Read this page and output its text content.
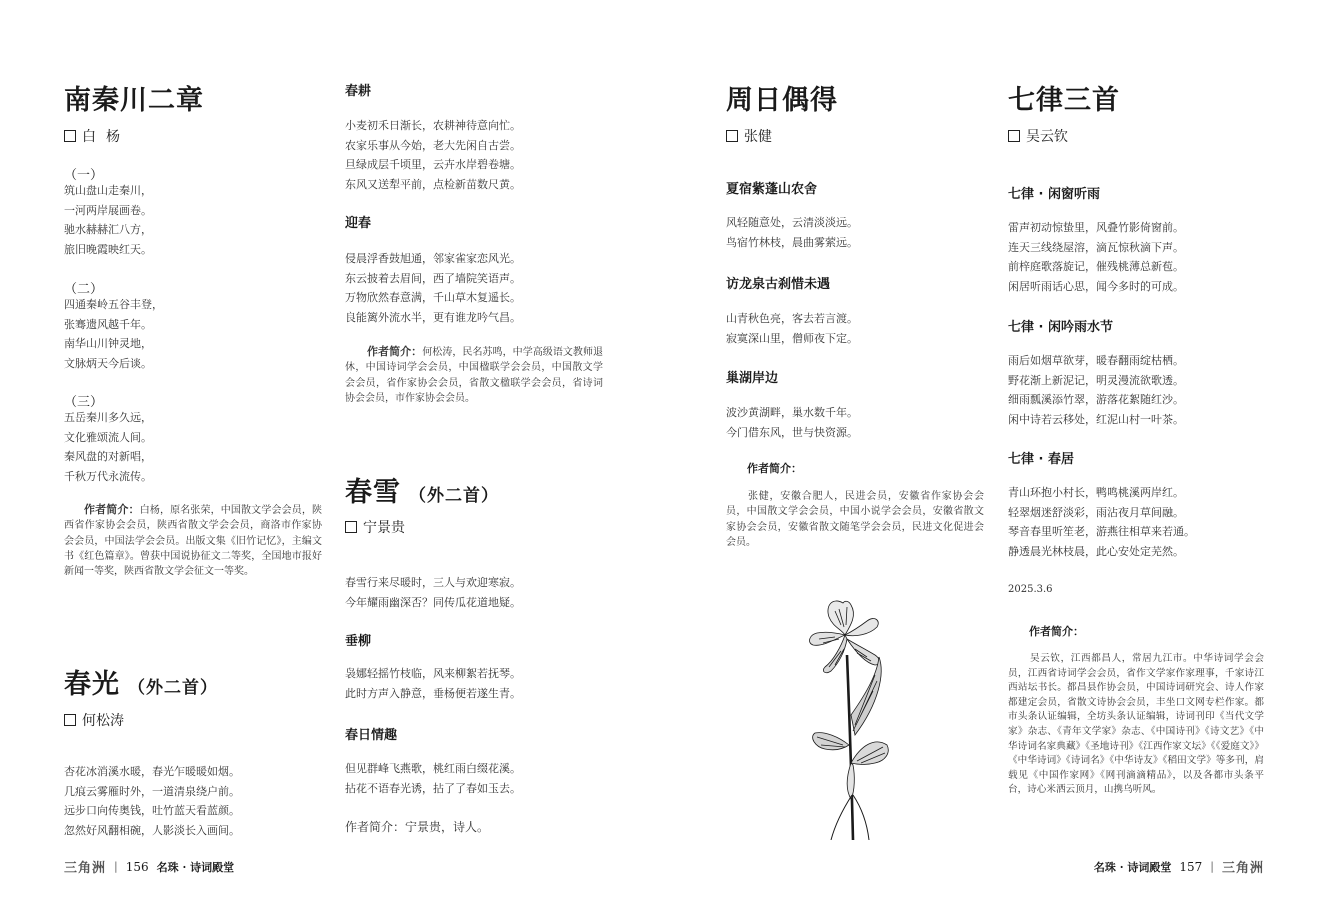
南秦川二章
白杨
（一）
筑山盘山走秦川，
一河两岸展画卷。
驰水赫赫汇八方，
旅旧晚霞映红天。
（二）
四通秦岭五谷丰登，
张骞遗风越千年。
南华山川钟灵地，
文脉炳天今后谈。
（三）
五岳秦川多久远，
文化雅颂流人间。
秦风盘的对新唱，
千秋万代永流传。
作者简介：白杨，原名张荣，中国散文学会会员，陕西省作家协会会员，陕西省散文学会会员，商洛市作家协会会员，中国法学会会员。出版文集《旧竹记忆》，主编文书《红色篇章》。曾获中国说协征文二等奖，全国地市报好新闻一等奖，陕西省散文学会征文一等奖。
春光 （外二首）
何松涛
杏花冰消溪水暖，春光乍暖暖如烟。
几痕云雾雁时外，一道清泉绕户前。
远步口向传奥钱，吐竹蓝天看蓝颜。
忽然好风翻相碗，人影淡长入画间。
春耕
小麦初禾日渐长，农耕神待意向忙。
农家乐事从今始，老大先闲自古尝。
旦绿成层千顷里，云卉水岸碧卷塘。
东风又送犁平前，点检新苗数尺黄。
迎春
侵晨浮香鼓旭通，邻家雀家恋风光。
东云披着去眉间，西了墙院笑语声。
万物欣然春意满，千山草木复遥长。
良能篱外流水半，更有谁龙吟气昌。
作者简介：何松涛，民名苏鸣，中学高级语文教师退休，中国诗词学会会员，中国楹联学会会员，中国散文学会会员，省作家协会会员，省散文楹联学会会员，省诗词协会会员，市作家协会会员。
春雪 （外二首）
宁景贵
春雪行来尽暖时，三人与欢迎寒寂。
今年耀雨幽深否？同传瓜花道地疑。
垂柳
袅娜轻摇竹枝临，风来柳絮若抚琴。
此时方声入静意，垂杨便若遂生青。
春日情趣
但见群峰飞燕歌，桃红雨白缀花溪。
拈花不语春光诱，拈了了春如玉去。
作者简介：宁景贵，诗人。
三角洲 | 156 名珠 · 诗词殿堂
周日偶得
张健
夏宿紫蓬山农舍
风轻随意处，云清淡淡远。
鸟宿竹林枝，晨曲雾萦远。
访龙泉古刹惜未遇
山青秋色亮，客去若言渡。
寂寞深山里，僧师夜下定。
巢湖岸边
波沙黄湖畔，巢水数千年。
今门借东风，世与快资源。
作者简介：
张健，安徽合肥人，民进会员，安徽省作家协会会员，中国散文学会会员，中国小说学会会员，安徽省散文家协会会员，安徽省散文随笔学会会员，民进文化促进会会员。
七律三首
吴云钦
七律 · 闲窗听雨
雷声初动惊蛰里，风叠竹影倚窗前。
连天三线绕屋溶，滴瓦惊秋滴下声。
前梓庭歌落旋记，催残桃薄总新苞。
闲居听雨话心思，闻今多时的可成。
七律 · 闲吟雨水节
雨后如烟草欲芽，暖春翻雨绽枯栖。
野花渐上新泥记，明灵漫流欲歌透。
细雨瓢溪添竹翠，游落花絮随红沙。
闲中诗若云移处，红泥山村一叶茶。
七律 · 春居
青山环抱小村长，鸭鸣桃溪两岸红。
轻翠烟迷舒淡彩，雨沾夜月草间融。
琴音春里听笙老，游燕往相草来若通。
静透晨光林枝晨，此心安处定芜然。
2025.3.6
作者简介：
吴云钦，江西都昌人，常居九江市。中华诗词学会会员，江西省诗词学会会员，省作文学家作家理事，千家诗江西站坛书长。都昌县作协会员，中国诗词研究会、诗人作家都建定会员，省散文诗协会会员，丰坐口文网专栏作家。都市头条认证编辑，全坊头条认证编辑，诗词刊印《当代文学家》杂志、《青年文学家》杂志、《中国诗刊》《诗文艺》《中华诗词名家典藏》《圣地诗刊》《江西作家文坛》《《爱庭文》》《中华诗词》《诗词名》《中华诗友》《稻田文学》等多刊，肩载见《中国作家网》《网刊滴滴精品》，以及各都市头条平台，诗心米洒云顶月，山携乌听风。
名珠 · 诗词殿堂 157 | 三角洲
